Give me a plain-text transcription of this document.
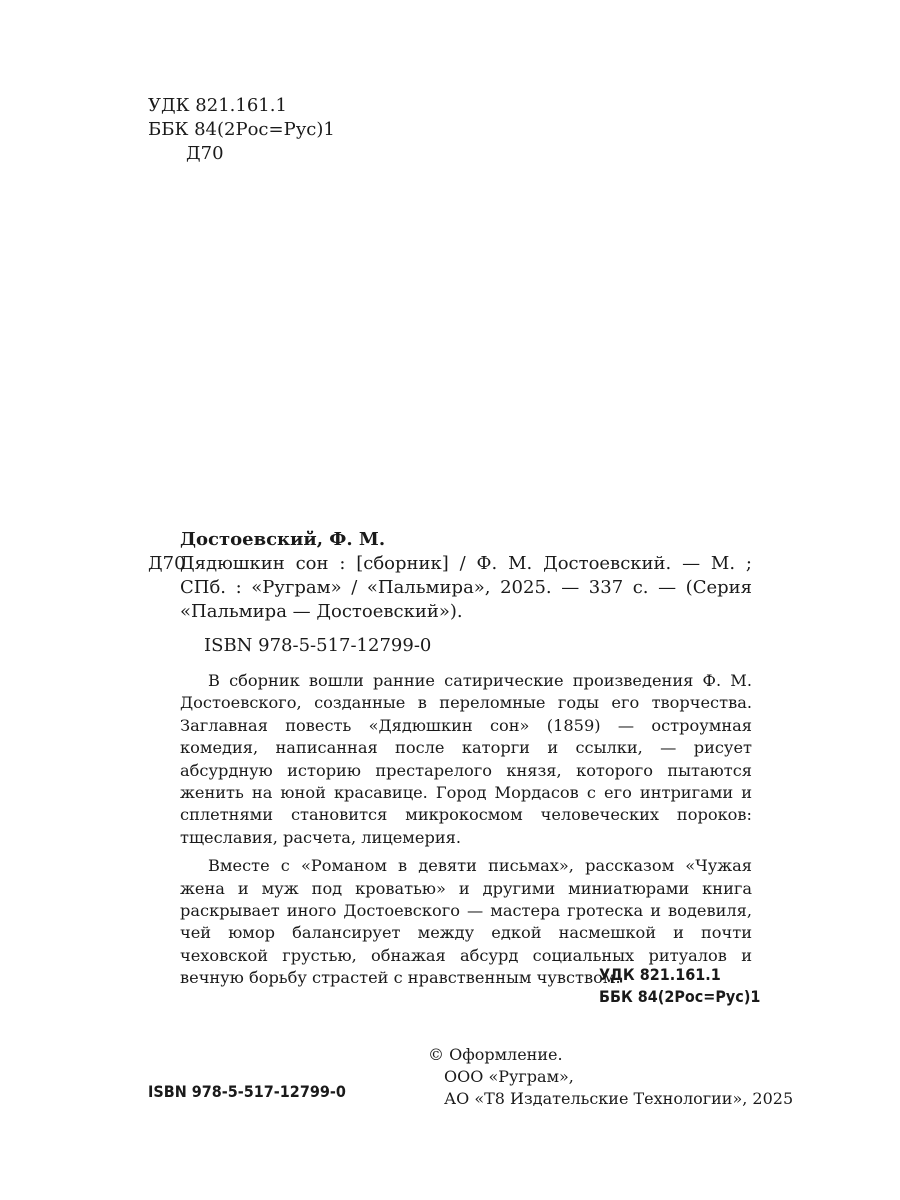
УДК 821.161.1
ББК 84(2Рос=Рус)1
Д70
Достоевский, Ф. М.
Д70
Дядюшкин сон : [сборник] / Ф. М. Достоевский. — М. ; СПб. : «Руграм» / «Пальмира», 2025. — 337 с. — (Серия «Пальмира — Достоевский»).
ISBN 978-5-517-12799-0

В сборник вошли ранние сатирические произведения Ф. М. Достоевского, созданные в переломные годы его творчества. Заглавная повесть «Дядюшкин сон» (1859) — остроумная комедия, написанная после каторги и ссылки, — рисует абсурдную историю престарелого князя, которого пытаются женить на юной красавице. Город Мордасов с его интригами и сплетнями становится микрокосмом человеческих пороков: тщеславия, расчета, лицемерия.

Вместе с «Романом в девяти письмах», рассказом «Чужая жена и муж под кроватью» и другими миниатюрами книга раскрывает иного Достоевского — мастера гротеска и водевиля, чей юмор балансирует между едкой насмешкой и почти чеховской грустью, обнажая абсурд социальных ритуалов и вечную борьбу страстей с нравственным чувством.

УДК 821.161.1
ББК 84(2Рос=Рус)1
© Оформление.
ООО «Руграм»,
АО «Т8 Издательские Технологии», 2025
ISBN 978-5-517-12799-0
